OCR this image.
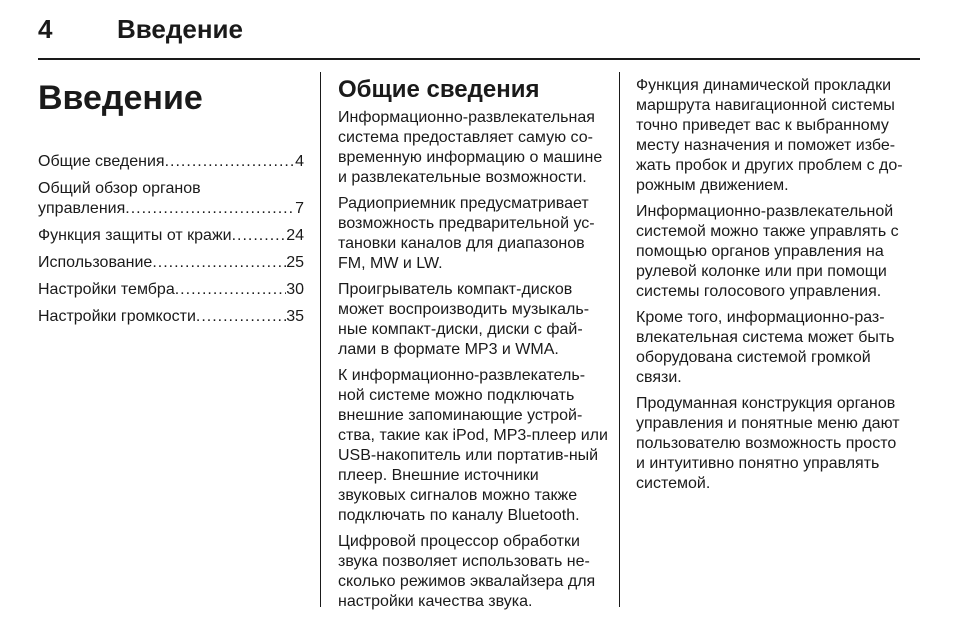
4 Введение
Введение
Общие сведения .....	4
Общий обзор органов
управления .....	7
Функция защиты от кражи .....	24
Использование .....	25
Настройки тембра .....	30
Настройки громкости .....	35
Общие сведения

Информационно-развлекательная система предоставляет самую со-временную информацию о машине и развлекательные возможности.

Радиоприемник предусматривает возможность предварительной ус-тановки каналов для диапазонов FM, MW и LW.

Проигрыватель компакт-дисков может воспроизводить музыкаль-ные компакт-диски, диски с фай-лами в формате MP3 и WMA.

К информационно-развлекатель-ной системе можно подключать внешние запоминающие устрой-ства, такие как iPod, MP3-плеер или USB-накопитель или портатив-ный плеер. Внешние источники звуковых сигналов можно также подключать по каналу Bluetooth.

Цифровой процессор обработки звука позволяет использовать не-сколько режимов эквалайзера для настройки качества звука.

Функция динамической прокладки маршрута навигационной системы точно приведет вас к выбранному месту назначения и поможет избе-жать пробок и других проблем с до-рожным движением.

Информационно-развлекательной системой можно также управлять с помощью органов управления на рулевой колонке или при помощи системы голосового управления.

Кроме того, информационно-раз-влекательная система может быть оборудована системой громкой связи.

Продуманная конструкция органов управления и понятные меню дают пользователю возможность просто и интуитивно понятно управлять системой.
